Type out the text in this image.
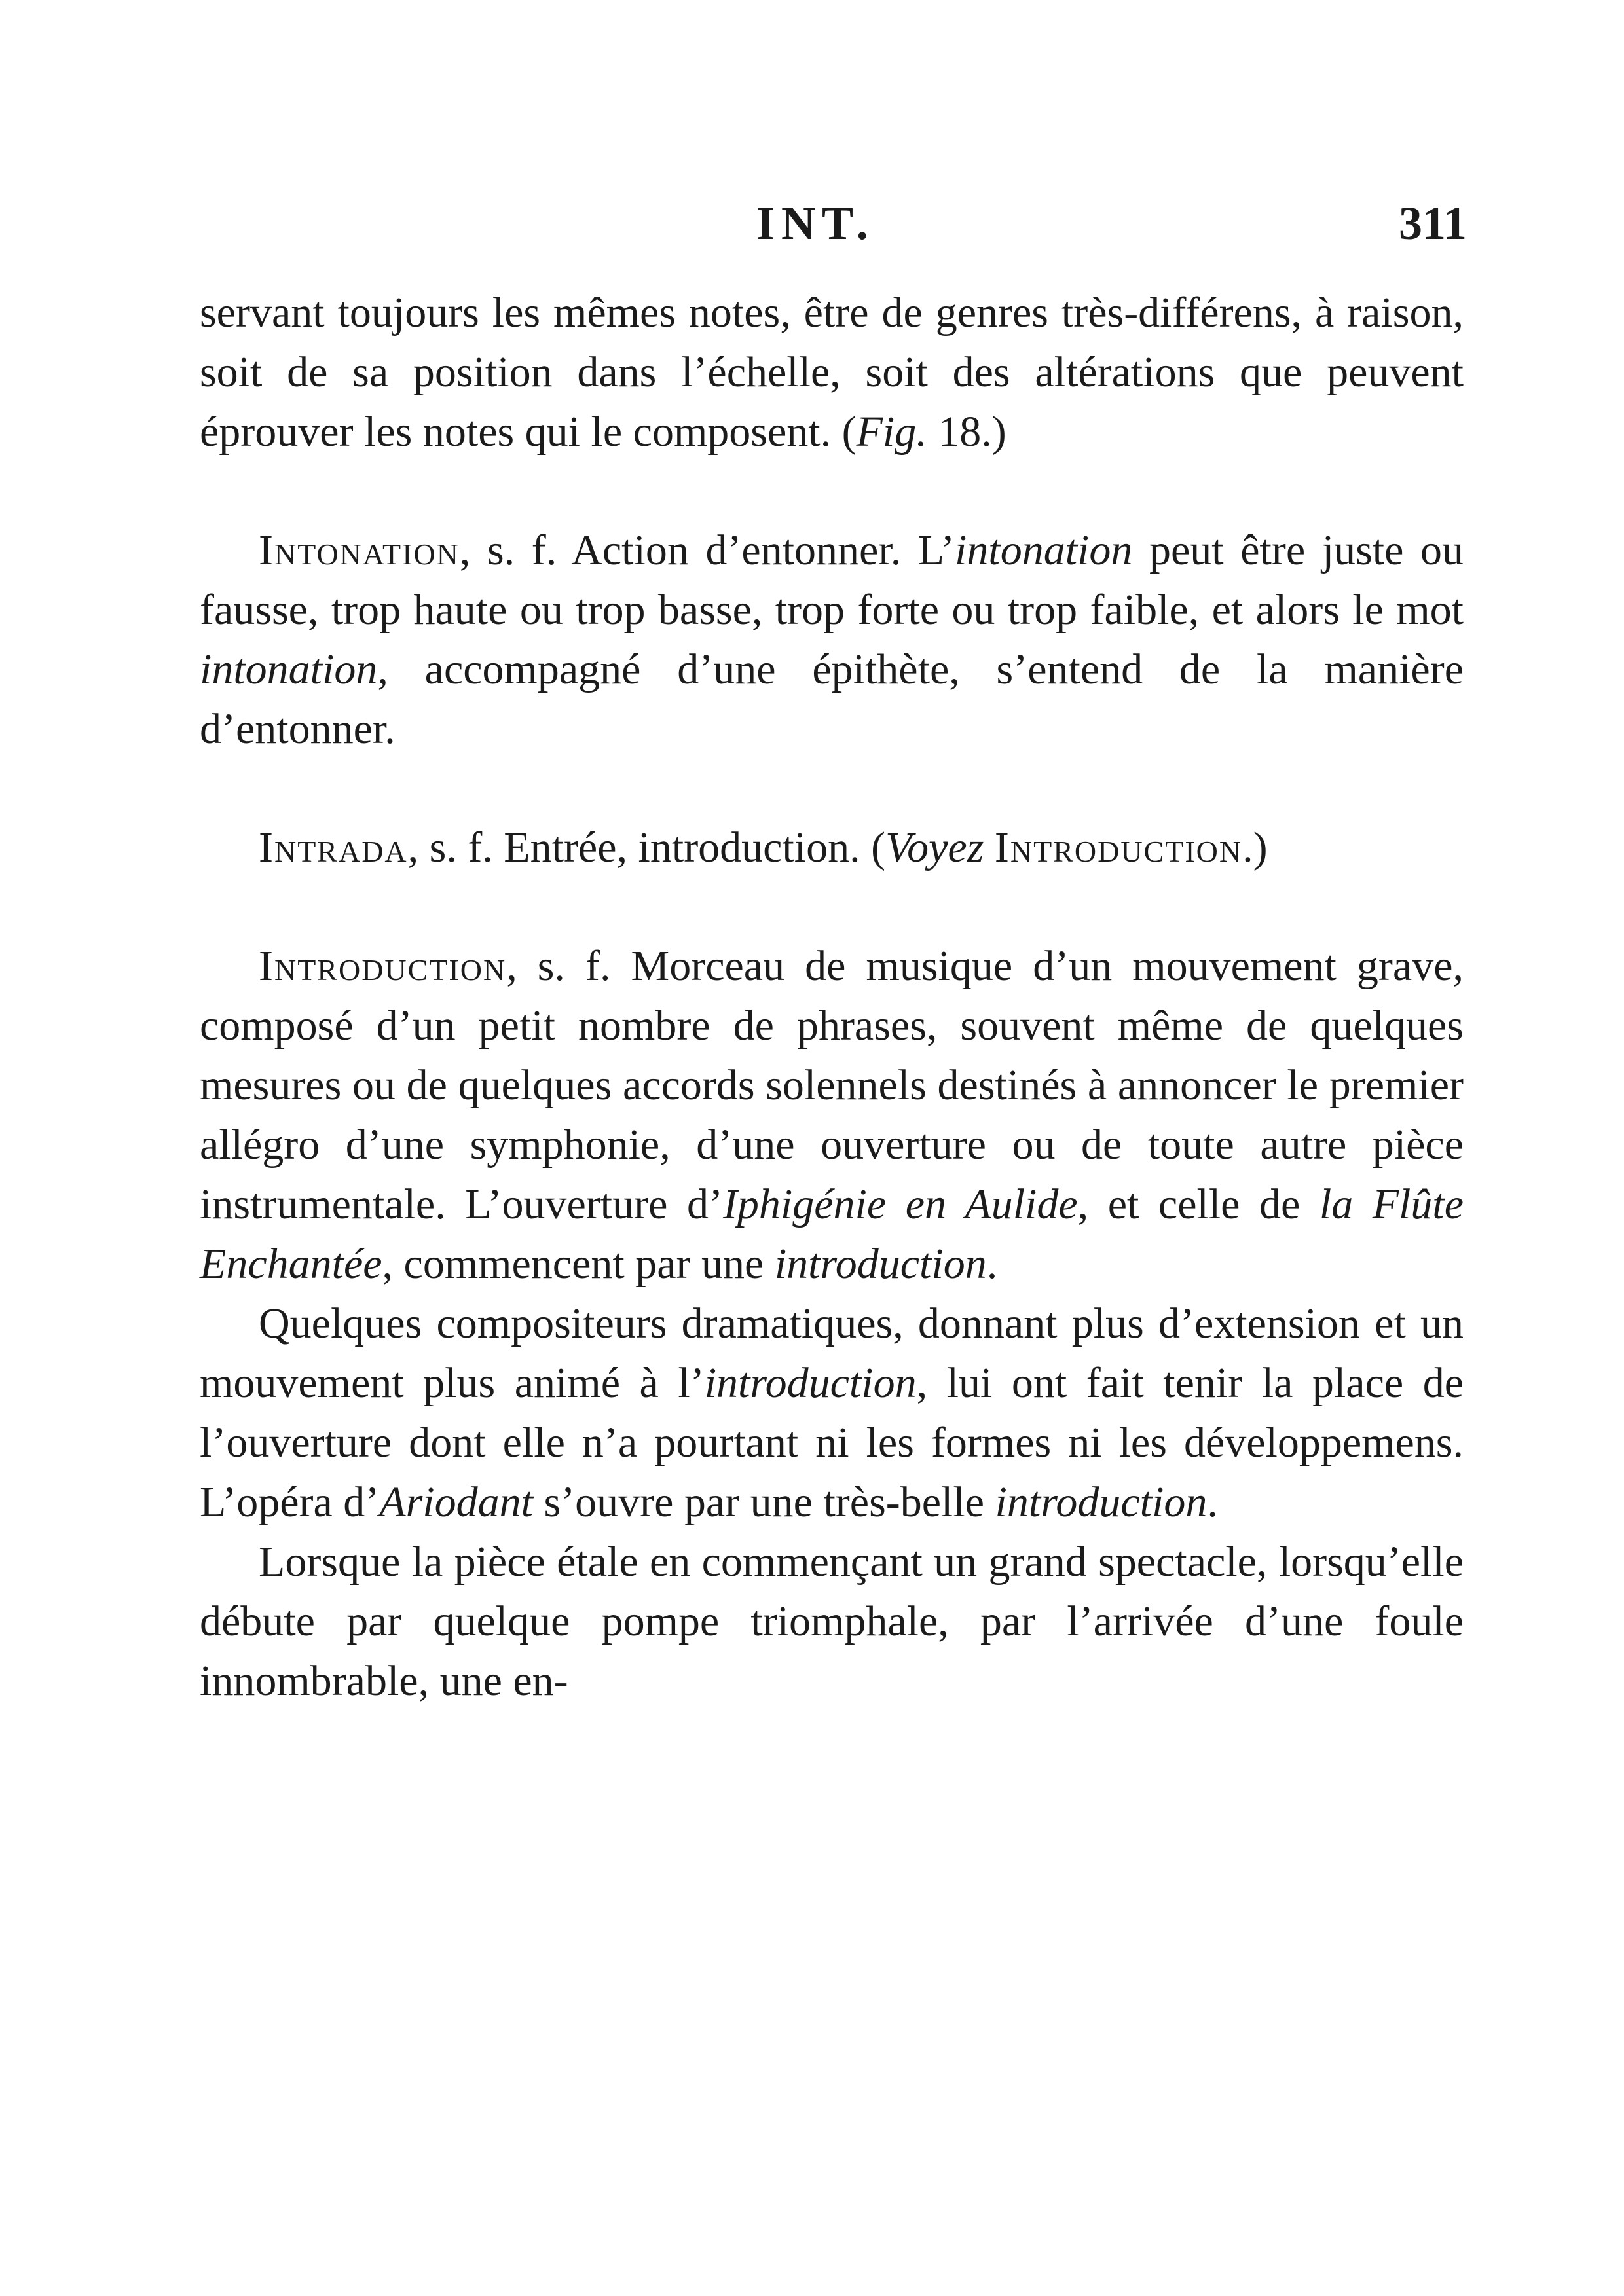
INT.	311

servant toujours les mêmes notes, être de genres très-différens, à raison, soit de sa position dans l’échelle, soit des altérations que peuvent éprouver les notes qui le composent. (Fig. 18.)

Intonation, s. f. Action d’entonner. L’intonation peut être juste ou fausse, trop haute ou trop basse, trop forte ou trop faible, et alors le mot intonation, accompagné d’une épithète, s’entend de la manière d’entonner.

Intrada, s. f. Entrée, introduction. (Voyez Introduction.)

Introduction, s. f. Morceau de musique d’un mouvement grave, composé d’un petit nombre de phrases, souvent même de quelques mesures ou de quelques accords solennels destinés à annoncer le premier allégro d’une symphonie, d’une ouverture ou de toute autre pièce instrumentale. L’ouverture d’Iphigénie en Aulide, et celle de la Flûte Enchantée, commencent par une introduction.

Quelques compositeurs dramatiques, donnant plus d’extension et un mouvement plus animé à l’introduction, lui ont fait tenir la place de l’ouverture dont elle n’a pourtant ni les formes ni les développemens. L’opéra d’Ariodant s’ouvre par une très-belle introduction.

Lorsque la pièce étale en commençant un grand spectacle, lorsqu’elle débute par quelque pompe triomphale, par l’arrivée d’une foule innombrable, une en-
